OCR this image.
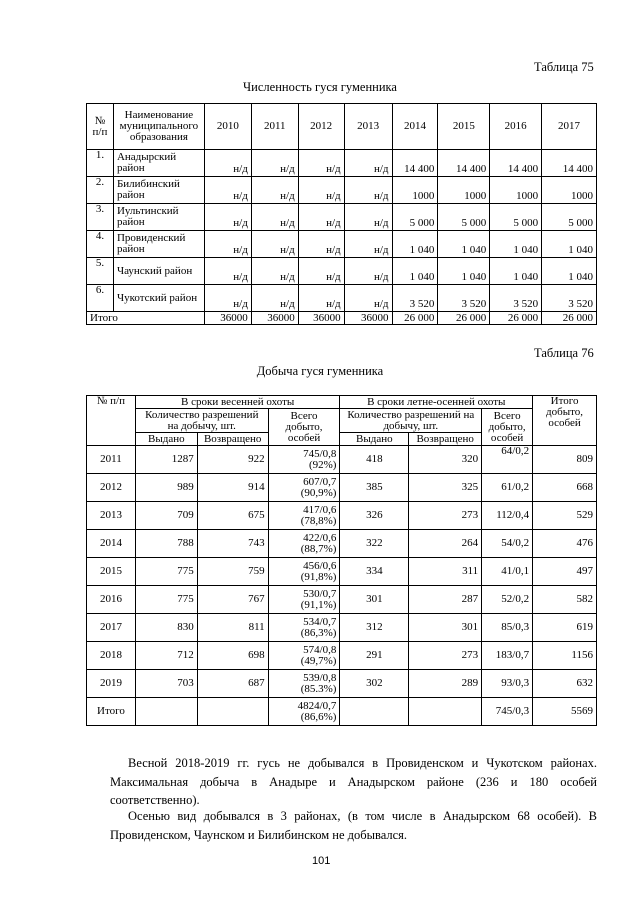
Таблица 75
Численность гуся гуменника
№ п/п	Наименование муниципального образования	2010	2011	2012	2013	2014	2015	2016	2017
1.	Анадырский район	н/д	н/д	н/д	н/д	14 400	14 400	14 400	14 400
2.	Билибинский район	н/д	н/д	н/д	н/д	1000	1000	1000	1000
3.	Иультинский район	н/д	н/д	н/д	н/д	5 000	5 000	5 000	5 000
4.	Провиденский район	н/д	н/д	н/д	н/д	1 040	1 040	1 040	1 040
5.	Чаунский район	н/д	н/д	н/д	н/д	1 040	1 040	1 040	1 040
6.	Чукотский район	н/д	н/д	н/д	н/д	3 520	3 520	3 520	3 520
Итого		36000	36000	36000	36000	26 000	26 000	26 000	26 000
Таблица 76
Добыча гуся гуменника
№ п/п	В сроки весенней охоты			В сроки летне-осенней охоты			Итого добыто, особей
	Количество разрешений на добычу, шт.		Всего добыто, особей	Количество разрешений на добычу, шт.		Всего добыто, особей	
	Выдано	Возвращено		Выдано	Возвращено		
2011	1287	922	745/0,8
(92%)	418	320	64/0,2	809
2012	989	914	607/0,7
(90,9%)	385	325	61/0,2	668
2013	709	675	417/0,6
(78,8%)	326	273	112/0,4	529
2014	788	743	422/0,6
(88,7%)	322	264	54/0,2	476
2015	775	759	456/0,6
(91,8%)	334	311	41/0,1	497
2016	775	767	530/0,7
(91,1%)	301	287	52/0,2	582
2017	830	811	534/0,7
(86,3%)	312	301	85/0,3	619
2018	712	698	574/0,8
(49,7%)	291	273	183/0,7	1156
2019	703	687	539/0,8
(85.3%)	302	289	93/0,3	632
Итого			4824/0,7
(86,6%)			745/0,3	5569
Весной 2018-2019 гг. гусь не добывался в Провиденском и Чукотском районах. Максимальная добыча в Анадыре и Анадырском районе (236 и 180 особей соответственно).
Осенью вид добывался в 3 районах, (в том числе в Анадырском 68 особей). В Провиденском, Чаунском и Билибинском не добывался.
101
